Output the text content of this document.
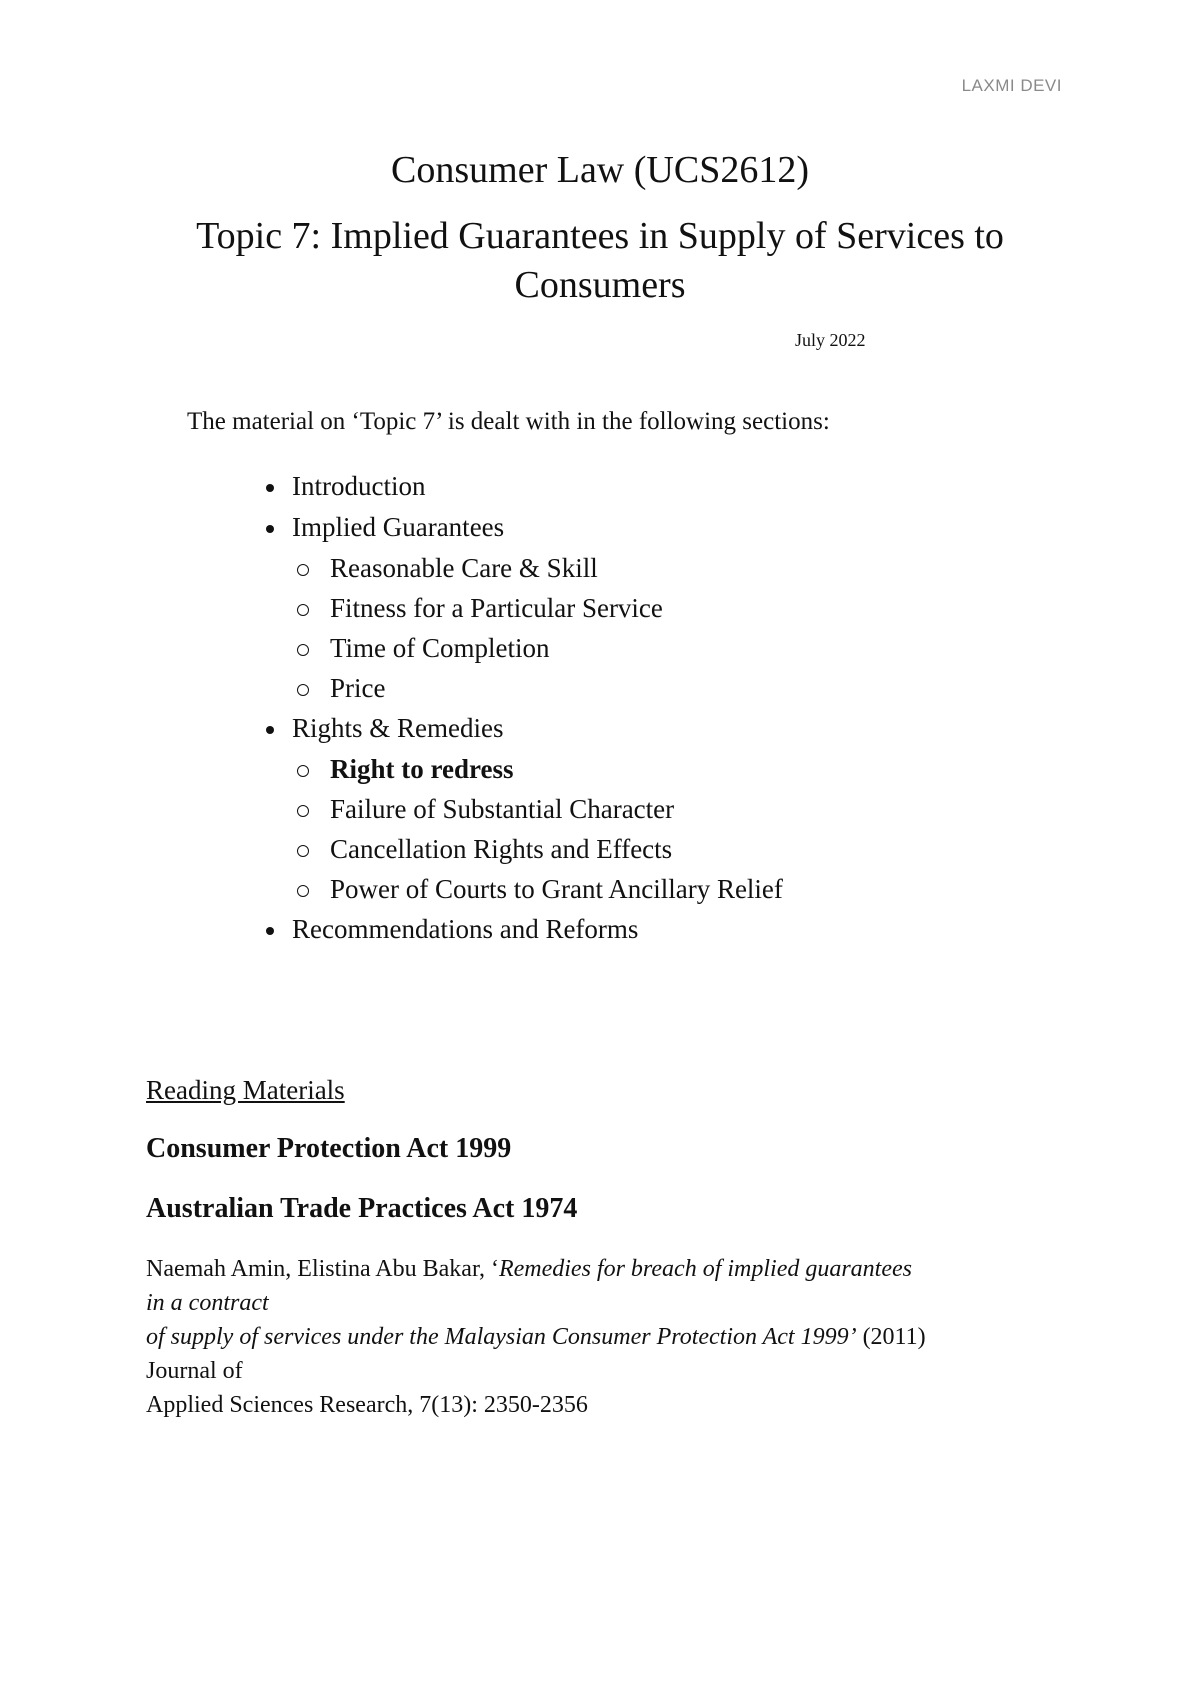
LAXMI DEVI
Consumer Law (UCS2612)
Topic 7: Implied Guarantees in Supply of Services to Consumers
July 2022
The material on ‘Topic 7’ is dealt with in the following sections:
Introduction
Implied Guarantees
Reasonable Care & Skill
Fitness for a Particular Service
Time of Completion
Price
Rights & Remedies
Right to redress
Failure of Substantial Character
Cancellation Rights and Effects
Power of Courts to Grant Ancillary Relief
Recommendations and Reforms
Reading Materials
Consumer Protection Act 1999
Australian Trade Practices Act 1974
Naemah Amin, Elistina Abu Bakar, ‘Remedies for breach of implied guarantees
in a contract
of supply of services under the Malaysian Consumer Protection Act 1999’ (2011)
Journal of
Applied Sciences Research, 7(13): 2350-2356
